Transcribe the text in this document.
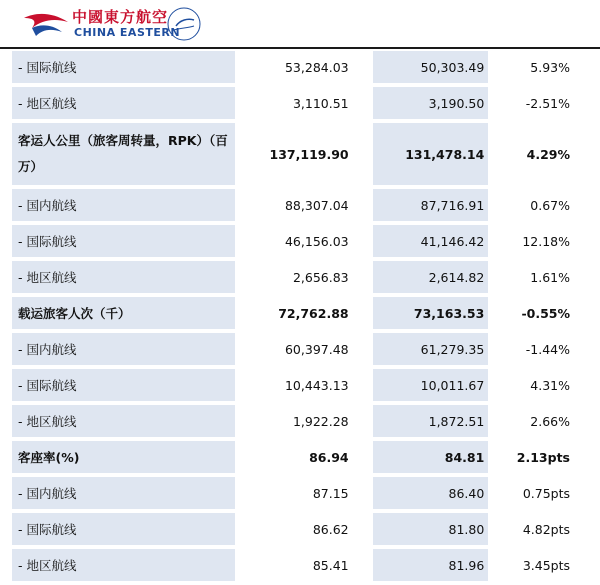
中國東方航空
CHINA EASTERN
- 国际航线	53,284.03		50,303.49	5.93%
- 地区航线	3,110.51		3,190.50	-2.51%
客运人公里（旅客周转量，RPK）（百万）	137,119.90		131,478.14	4.29%
- 国内航线	88,307.04		87,716.91	0.67%
- 国际航线	46,156.03		41,146.42	12.18%
- 地区航线	2,656.83		2,614.82	1.61%
载运旅客人次（千）	72,762.88		73,163.53	-0.55%
- 国内航线	60,397.48		61,279.35	-1.44%
- 国际航线	10,443.13		10,011.67	4.31%
- 地区航线	1,922.28		1,872.51	2.66%
客座率(%)	86.94		84.81	2.13pts
- 国内航线	87.15		86.40	0.75pts
- 国际航线	86.62		81.80	4.82pts
- 地区航线	85.41		81.96	3.45pts
